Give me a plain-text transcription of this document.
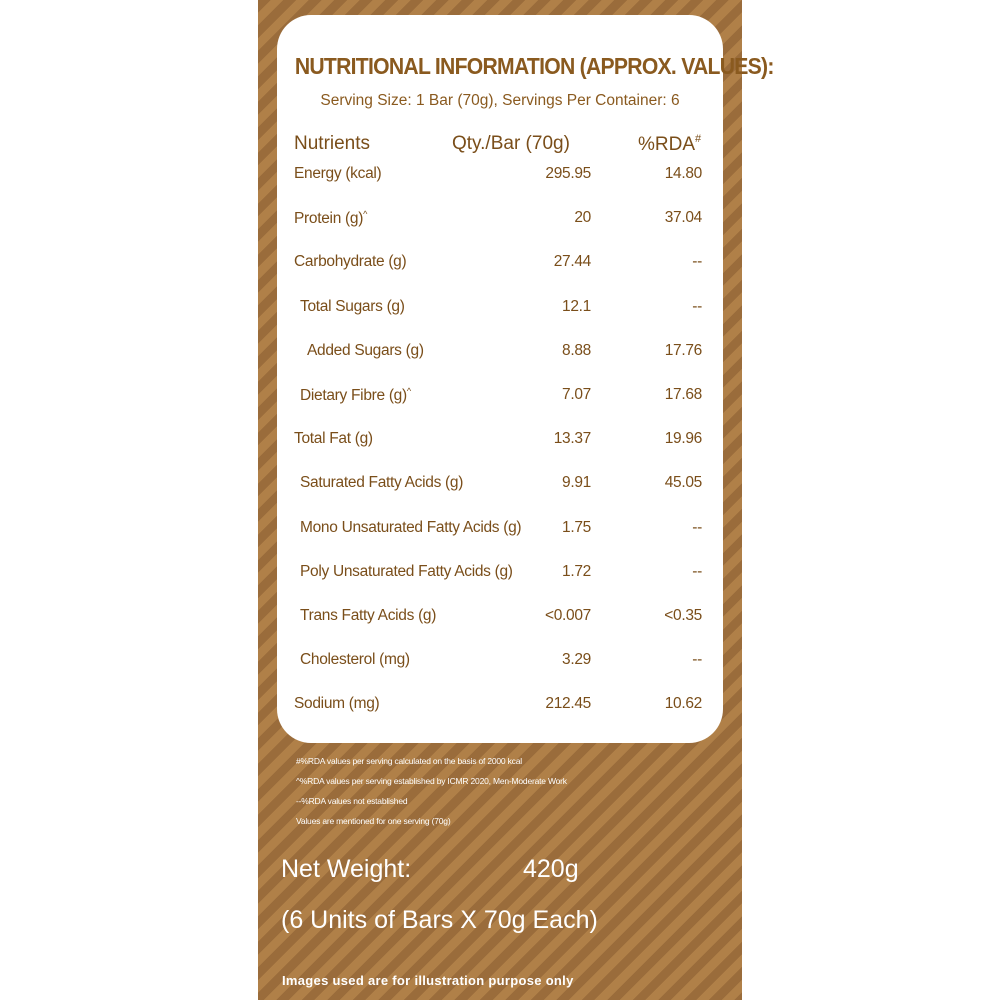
NUTRITIONAL INFORMATION (APPROX. VALUES):
Serving Size: 1 Bar (70g), Servings Per Container: 6
Nutrients	Qty./Bar (70g)	%RDA#
Energy (kcal)	295.95	14.80
Protein (g)^	20	37.04
Carbohydrate (g)	27.44	--
Total Sugars (g)	12.1	--
Added Sugars (g)	8.88	17.76
Dietary Fibre (g)^	7.07	17.68
Total Fat (g)	13.37	19.96
Saturated Fatty Acids (g)	9.91	45.05
Mono Unsaturated Fatty Acids (g)	1.75	--
Poly Unsaturated Fatty Acids (g)	1.72	--
Trans Fatty Acids (g)	<0.007	<0.35
Cholesterol (mg)	3.29	--
Sodium (mg)	212.45	10.62
#%RDA values per serving calculated on the basis of 2000 kcal
^%RDA values per serving established by ICMR 2020, Men-Moderate Work
--%RDA values not established
Values are mentioned for one serving (70g)
Net Weight:	420g
(6 Units of Bars X 70g Each)
Images used are for illustration purpose only
